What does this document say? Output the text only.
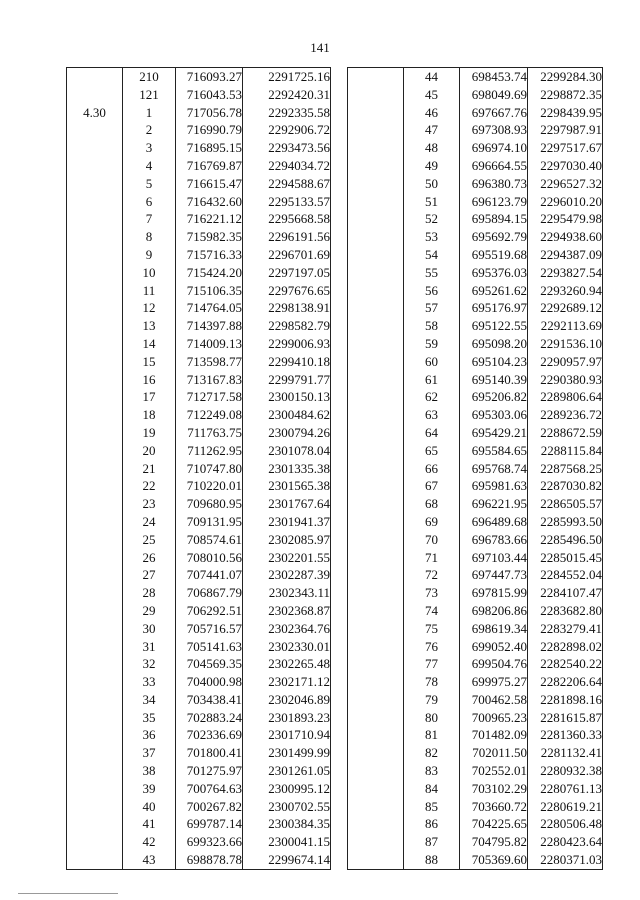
141
	210	716093.27	2291725.16
	121	716043.53	2292420.31
4.30	1	717056.78	2292335.58
	2	716990.79	2292906.72
	3	716895.15	2293473.56
	4	716769.87	2294034.72
	5	716615.47	2294588.67
	6	716432.60	2295133.57
	7	716221.12	2295668.58
	8	715982.35	2296191.56
	9	715716.33	2296701.69
	10	715424.20	2297197.05
	11	715106.35	2297676.65
	12	714764.05	2298138.91
	13	714397.88	2298582.79
	14	714009.13	2299006.93
	15	713598.77	2299410.18
	16	713167.83	2299791.77
	17	712717.58	2300150.13
	18	712249.08	2300484.62
	19	711763.75	2300794.26
	20	711262.95	2301078.04
	21	710747.80	2301335.38
	22	710220.01	2301565.38
	23	709680.95	2301767.64
	24	709131.95	2301941.37
	25	708574.61	2302085.97
	26	708010.56	2302201.55
	27	707441.07	2302287.39
	28	706867.79	2302343.11
	29	706292.51	2302368.87
	30	705716.57	2302364.76
	31	705141.63	2302330.01
	32	704569.35	2302265.48
	33	704000.98	2302171.12
	34	703438.41	2302046.89
	35	702883.24	2301893.23
	36	702336.69	2301710.94
	37	701800.41	2301499.99
	38	701275.97	2301261.05
	39	700764.63	2300995.12
	40	700267.82	2300702.55
	41	699787.14	2300384.35
	42	699323.66	2300041.15
	43	698878.78	2299674.14
	44	698453.74	2299284.30
	45	698049.69	2298872.35
	46	697667.76	2298439.95
	47	697308.93	2297987.91
	48	696974.10	2297517.67
	49	696664.55	2297030.40
	50	696380.73	2296527.32
	51	696123.79	2296010.20
	52	695894.15	2295479.98
	53	695692.79	2294938.60
	54	695519.68	2294387.09
	55	695376.03	2293827.54
	56	695261.62	2293260.94
	57	695176.97	2292689.12
	58	695122.55	2292113.69
	59	695098.20	2291536.10
	60	695104.23	2290957.97
	61	695140.39	2290380.93
	62	695206.82	2289806.64
	63	695303.06	2289236.72
	64	695429.21	2288672.59
	65	695584.65	2288115.84
	66	695768.74	2287568.25
	67	695981.63	2287030.82
	68	696221.95	2286505.57
	69	696489.68	2285993.50
	70	696783.66	2285496.50
	71	697103.44	2285015.45
	72	697447.73	2284552.04
	73	697815.99	2284107.47
	74	698206.86	2283682.80
	75	698619.34	2283279.41
	76	699052.40	2282898.02
	77	699504.76	2282540.22
	78	699975.27	2282206.64
	79	700462.58	2281898.16
	80	700965.23	2281615.87
	81	701482.09	2281360.33
	82	702011.50	2281132.41
	83	702552.01	2280932.38
	84	703102.29	2280761.13
	85	703660.72	2280619.21
	86	704225.65	2280506.48
	87	704795.82	2280423.64
	88	705369.60	2280371.03
